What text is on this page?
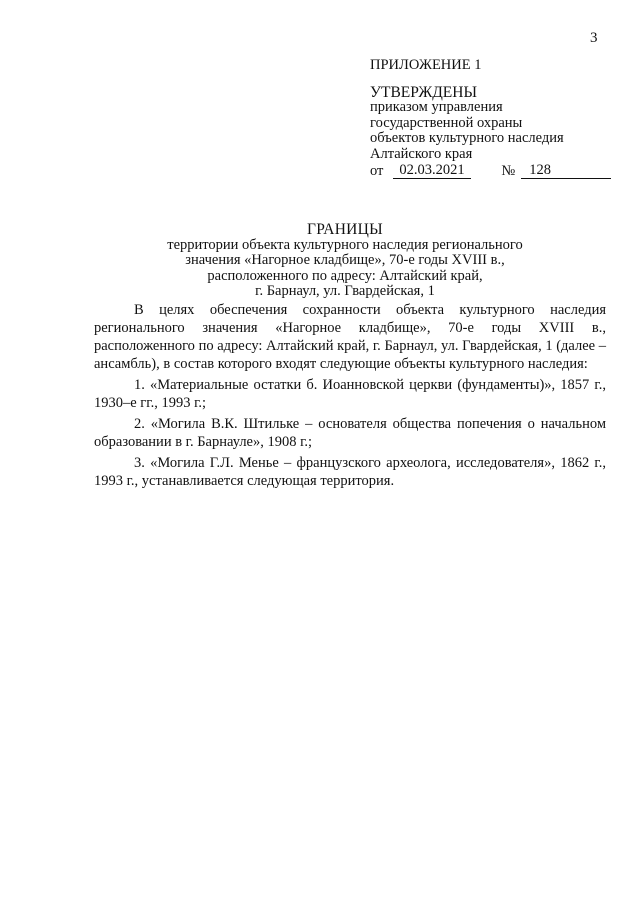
3
ПРИЛОЖЕНИЕ 1
УТВЕРЖДЕНЫ
приказом управления
государственной охраны
объектов культурного наследия
Алтайского края
от	02.03.2021	№ 128
ГРАНИЦЫ
территории объекта культурного наследия регионального
значения «Нагорное кладбище», 70-е годы XVIII в.,
расположенного по адресу: Алтайский край,
г. Барнаул, ул. Гвардейская, 1

В целях обеспечения сохранности объекта культурного наследия регионального значения «Нагорное кладбище», 70-е годы XVIII в., расположенного по адресу: Алтайский край, г. Барнаул, ул. Гвардейская, 1 (далее – ансамбль), в состав которого входят следующие объекты культурного наследия:

1. «Материальные остатки б. Иоанновской церкви (фундаменты)», 1857 г., 1930–е гг., 1993 г.;

2. «Могила В.К. Штильке – основателя общества попечения о начальном образовании в г. Барнауле», 1908 г.;

3. «Могила Г.Л. Менье – французского археолога, исследователя», 1862 г., 1993 г., устанавливается следующая территория.
